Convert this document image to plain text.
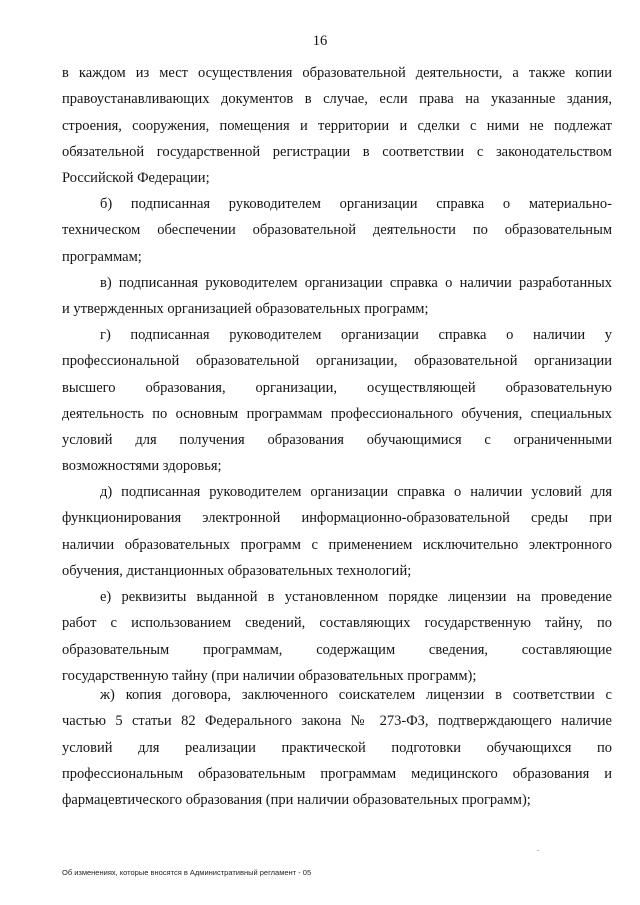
16
в каждом из мест осуществления образовательной деятельности, а также копии
правоустанавливающих документов в случае, если права на указанные здания,
строения, сооружения, помещения и территории и сделки с ними не подлежат
обязательной государственной регистрации в соответствии с законодательством
Российской Федерации;
б) подписанная руководителем организации справка о материально-
техническом обеспечении образовательной деятельности по образовательным
программам;
в) подписанная руководителем организации справка о наличии разработанных
и утвержденных организацией образовательных программ;
г) подписанная руководителем организации справка о наличии у
профессиональной образовательной организации, образовательной организации
высшего образования, организации, осуществляющей образовательную
деятельность по основным программам профессионального обучения, специальных
условий для получения образования обучающимися с ограниченными
возможностями здоровья;
д) подписанная руководителем организации справка о наличии условий для
функционирования электронной информационно-образовательной среды при
наличии образовательных программ с применением исключительно электронного
обучения, дистанционных образовательных технологий;
е) реквизиты выданной в установленном порядке лицензии на проведение
работ с использованием сведений, составляющих государственную тайну, по
образовательным программам, содержащим сведения, составляющие
государственную тайну (при наличии образовательных программ);
ж) копия договора, заключенного соискателем лицензии в соответствии с
частью 5 статьи 82 Федерального закона № 273-ФЗ, подтверждающего наличие
условий для реализации практической подготовки обучающихся по
профессиональным образовательным программам медицинского образования и
фармацевтического образования (при наличии образовательных программ);
Об изменениях, которые вносятся в Административный регламент - 05
